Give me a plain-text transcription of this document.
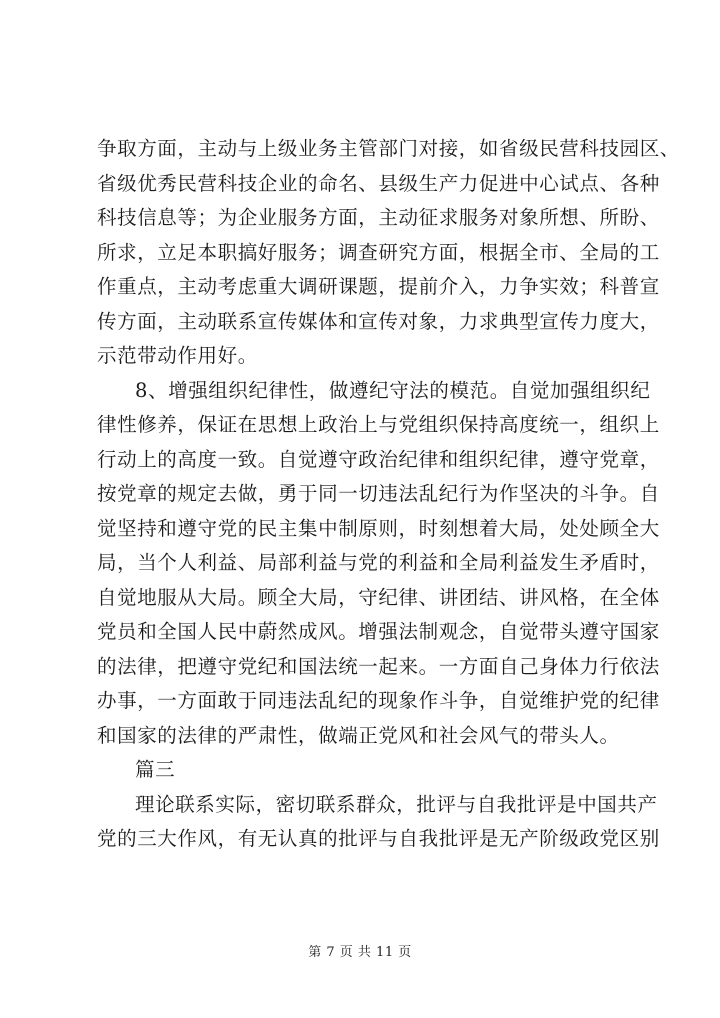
争取方面，主动与上级业务主管部门对接，如省级民营科技园区、
省级优秀民营科技企业的命名、县级生产力促进中心试点、各种
科技信息等；为企业服务方面，主动征求服务对象所想、所盼、
所求，立足本职搞好服务；调查研究方面，根据全市、全局的工
作重点，主动考虑重大调研课题，提前介入，力争实效；科普宣
传方面，主动联系宣传媒体和宣传对象，力求典型宣传力度大，
示范带动作用好。
8、增强组织纪律性，做遵纪守法的模范。自觉加强组织纪
律性修养，保证在思想上政治上与党组织保持高度统一，组织上
行动上的高度一致。自觉遵守政治纪律和组织纪律，遵守党章，
按党章的规定去做，勇于同一切违法乱纪行为作坚决的斗争。自
觉坚持和遵守党的民主集中制原则，时刻想着大局，处处顾全大
局，当个人利益、局部利益与党的利益和全局利益发生矛盾时，
自觉地服从大局。顾全大局，守纪律、讲团结、讲风格，在全体
党员和全国人民中蔚然成风。增强法制观念，自觉带头遵守国家
的法律，把遵守党纪和国法统一起来。一方面自己身体力行依法
办事，一方面敢于同违法乱纪的现象作斗争，自觉维护党的纪律
和国家的法律的严肃性，做端正党风和社会风气的带头人。
篇三
理论联系实际，密切联系群众，批评与自我批评是中国共产
党的三大作风，有无认真的批评与自我批评是无产阶级政党区别
第 7 页 共 11 页
